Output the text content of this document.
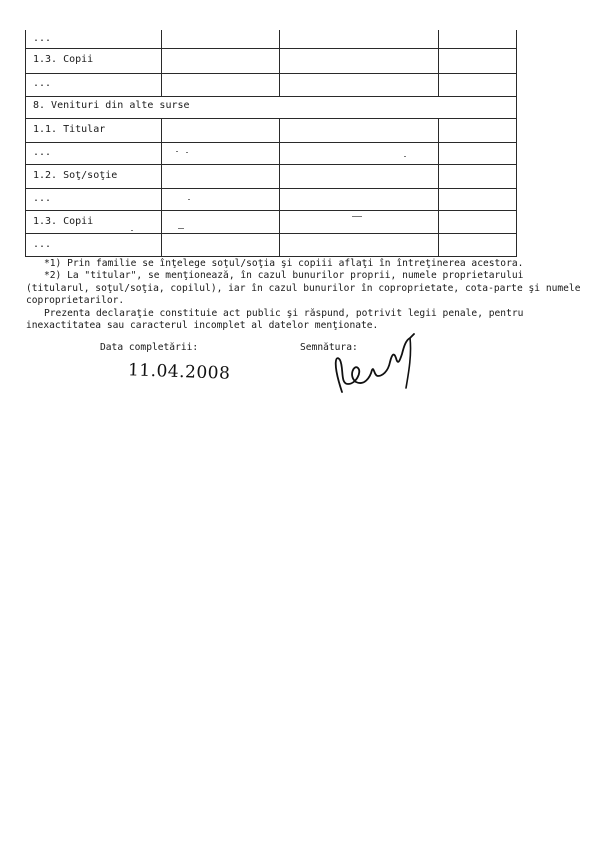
...
1.3. Copii
...
8. Venituri din alte surse
1.1. Titular
...
1.2. Soţ/soţie
...
1.3. Copii
...

*1) Prin familie se înţelege soţul/soţia şi copiii aflaţi în întreţinerea acestora.

*2) La "titular", se menţionează, în cazul bunurilor proprii, numele proprietarului (titularul, soţul/soţia, copilul), iar în cazul bunurilor în coproprietate, cota-parte şi numele coproprietarilor.

Prezenta declaraţie constituie act public şi răspund, potrivit legii penale, pentru inexactitatea sau caracterul incomplet al datelor menţionate.

Data completării:	Semnătura:
11.04.2008
